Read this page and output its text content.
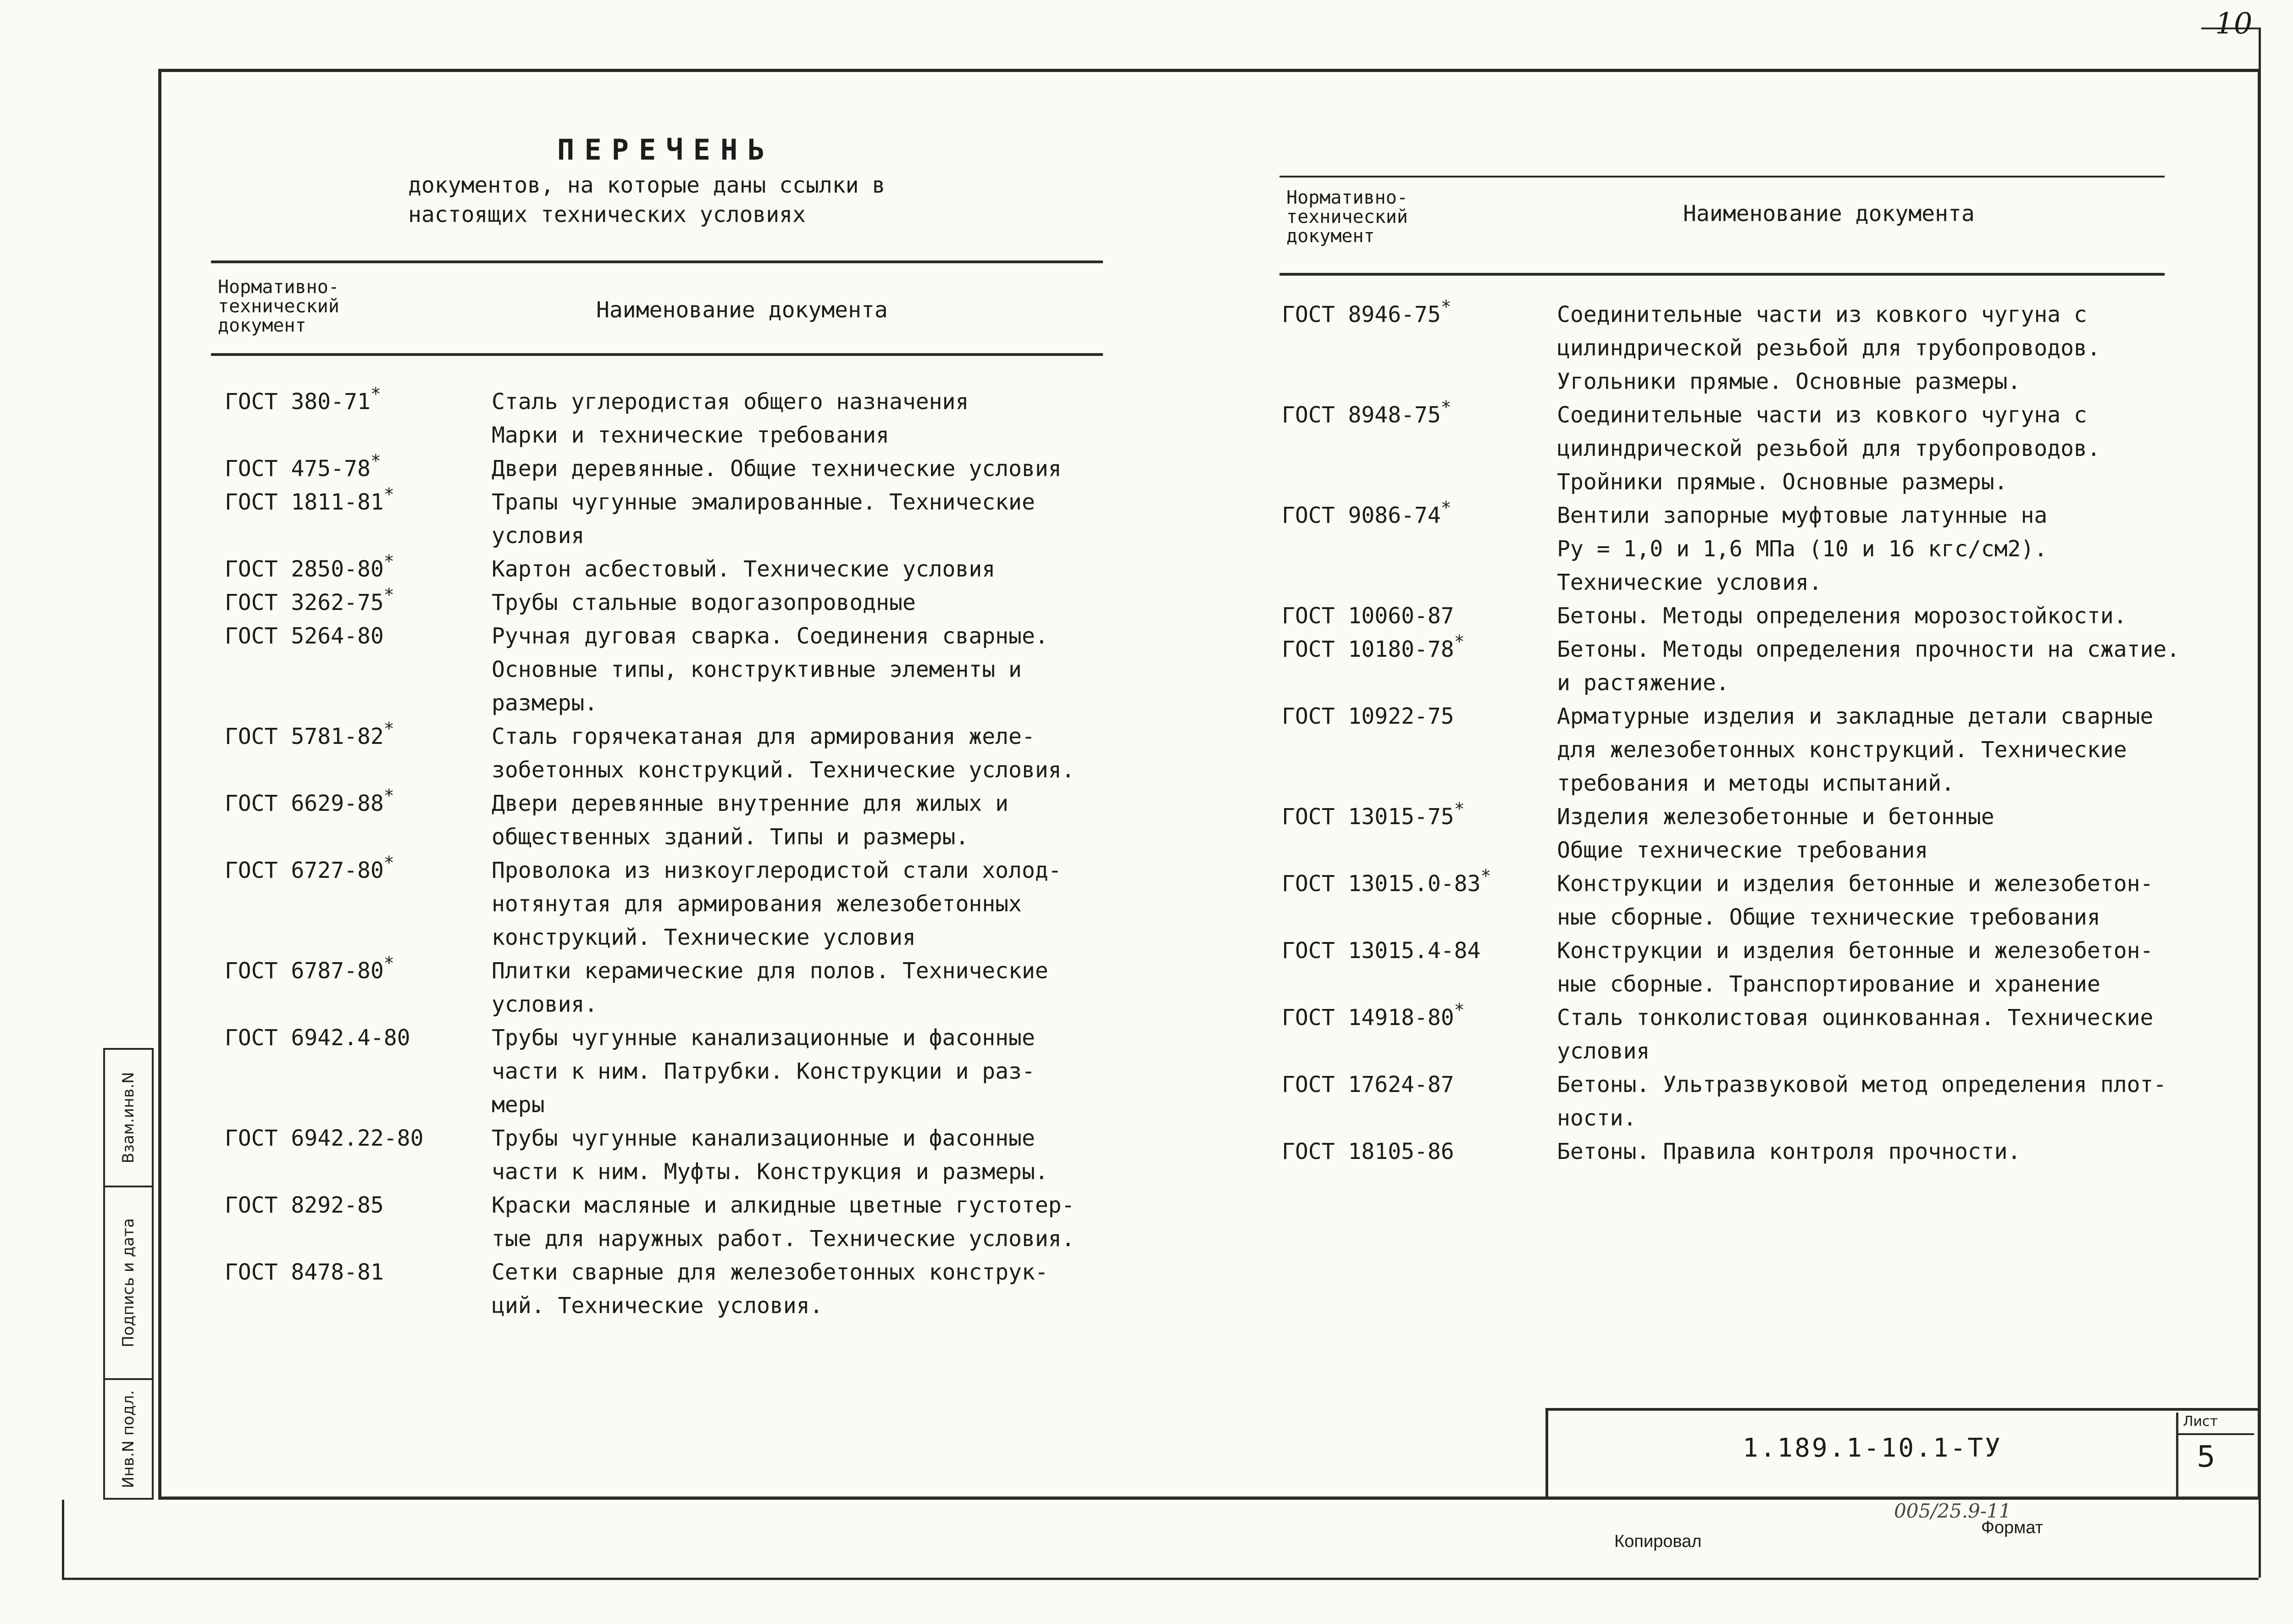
10
ПЕРЕЧЕНЬ
документов, на которые даны ссылки в
настоящих технических условиях
Нормативно-
технический
документ
Наименование документа
ГОСТ 380-71*	Сталь углеродистая общего назначения
Марки и технические требования

ГОСТ 475-78*	Двери деревянные. Общие технические условия

ГОСТ 1811-81*	Трапы чугунные эмалированные. Технические
условия

ГОСТ 2850-80*	Картон асбестовый. Технические условия

ГОСТ 3262-75*	Трубы стальные водогазопроводные

ГОСТ 5264-80	Ручная дуговая сварка. Соединения сварные.
Основные типы, конструктивные элементы и
размеры.

ГОСТ 5781-82*	Сталь горячекатаная для армирования желе-
зобетонных конструкций. Технические условия.

ГОСТ 6629-88*	Двери деревянные внутренние для жилых и
общественных зданий. Типы и размеры.

ГОСТ 6727-80*	Проволока из низкоуглеродистой стали холод-
нотянутая для армирования железобетонных
конструкций. Технические условия

ГОСТ 6787-80*	Плитки керамические для полов. Технические
условия.

ГОСТ 6942.4-80	Трубы чугунные канализационные и фасонные
части к ним. Патрубки. Конструкции и раз-
меры

ГОСТ 6942.22-80	Трубы чугунные канализационные и фасонные
части к ним. Муфты. Конструкция и размеры.

ГОСТ 8292-85	Краски масляные и алкидные цветные густотер-
тые для наружных работ. Технические условия.

ГОСТ 8478-81	Сетки сварные для железобетонных конструк-
ций. Технические условия.
Нормативно-
технический
документ
Наименование документа
ГОСТ 8946-75*	Соединительные части из ковкого чугуна с
цилиндрической резьбой для трубопроводов.
Угольники прямые. Основные размеры.

ГОСТ 8948-75*	Соединительные части из ковкого чугуна с
цилиндрической резьбой для трубопроводов.
Тройники прямые. Основные размеры.

ГОСТ 9086-74*	Вентили запорные муфтовые латунные на
Ру = 1,0 и 1,6 МПа (10 и 16 кгс/см2).
Технические условия.

ГОСТ 10060-87	Бетоны. Методы определения морозостойкости.

ГОСТ 10180-78*	Бетоны. Методы определения прочности на сжатие.
и растяжение.

ГОСТ 10922-75	Арматурные изделия и закладные детали сварные
для железобетонных конструкций. Технические
требования и методы испытаний.

ГОСТ 13015-75*	Изделия железобетонные и бетонные
Общие технические требования

ГОСТ 13015.0-83*	Конструкции и изделия бетонные и железобетон-
ные сборные. Общие технические требования

ГОСТ 13015.4-84	Конструкции и изделия бетонные и железобетон-
ные сборные. Транспортирование и хранение

ГОСТ 14918-80*	Сталь тонколистовая оцинкованная. Технические
условия

ГОСТ 17624-87	Бетоны. Ультразвуковой метод определения плот-
ности.

ГОСТ 18105-86	Бетоны. Правила контроля прочности.
Взам.инв.N
Подпись и дата
Инв.N подл.	1.189.1-10.1-ТУ
Лист
5
005/25.9-11
Копировал
Формат
